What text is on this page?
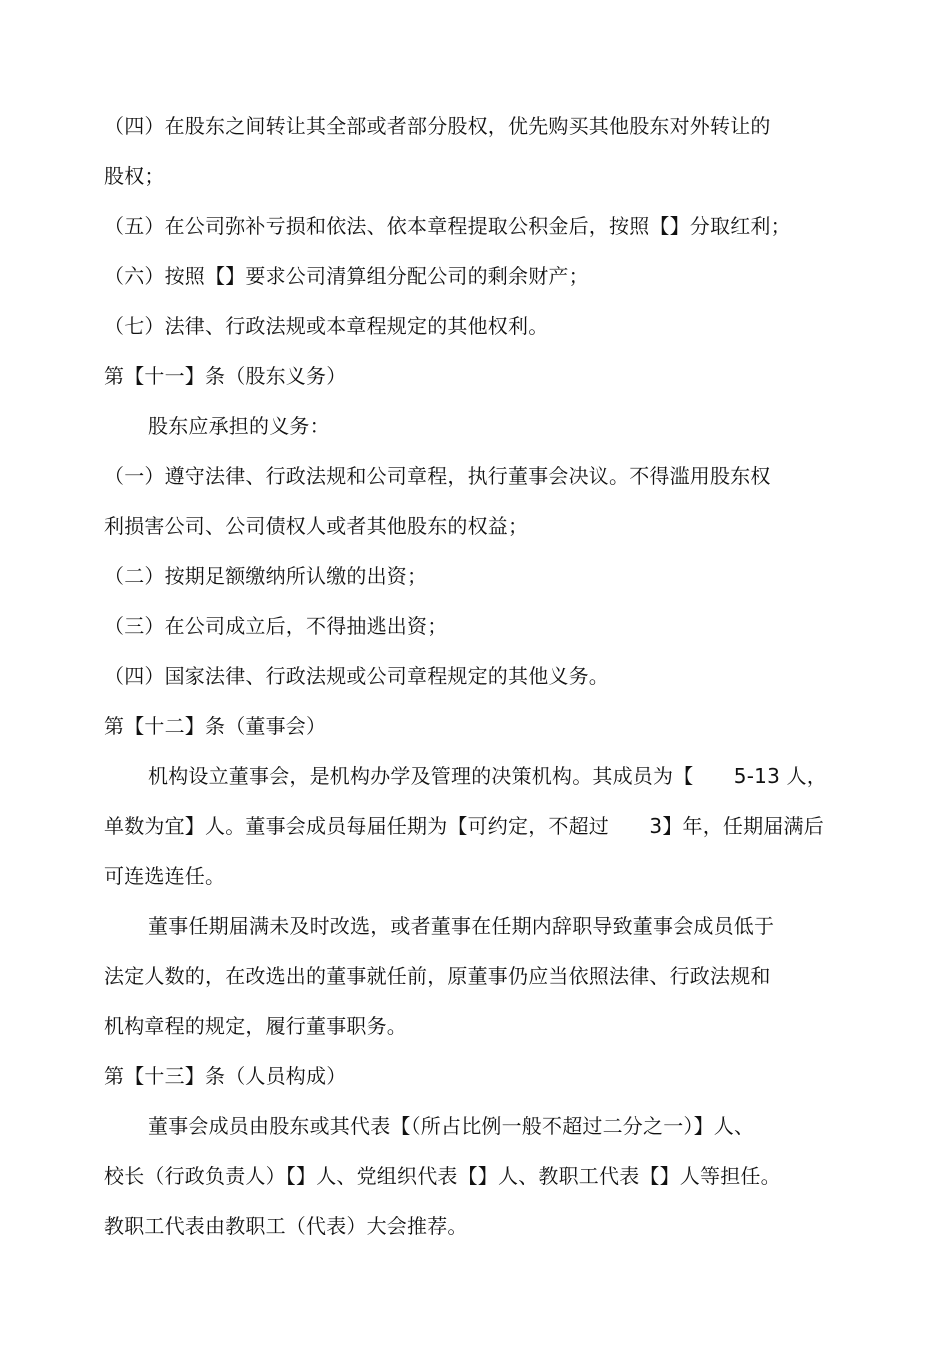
（四）在股东之间转让其全部或者部分股权，优先购买其他股东对外转让的
股权；
（五）在公司弥补亏损和依法、依本章程提取公积金后，按照【】分取红利；
（六）按照【】要求公司清算组分配公司的剩余财产；
（七）法律、行政法规或本章程规定的其他权利。
第【十一】条（股东义务）
股东应承担的义务：
（一）遵守法律、行政法规和公司章程，执行董事会决议。不得滥用股东权
利损害公司、公司债权人或者其他股东的权益；
（二）按期足额缴纳所认缴的出资；
（三）在公司成立后，不得抽逃出资；
（四）国家法律、行政法规或公司章程规定的其他义务。
第【十二】条（董事会）
机构设立董事会，是机构办学及管理的决策机构。其成员为【　　5-13 人，
单数为宜】人。董事会成员每届任期为【可约定，不超过　　3】年，任期届满后
可连选连任。
董事任期届满未及时改选，或者董事在任期内辞职导致董事会成员低于
法定人数的，在改选出的董事就任前，原董事仍应当依照法律、行政法规和
机构章程的规定，履行董事职务。
第【十三】条（人员构成）
董事会成员由股东或其代表【（所占比例一般不超过二分之一）】人、
校长（行政负责人）【】人、党组织代表【】人、教职工代表【】人等担任。
教职工代表由教职工（代表）大会推荐。
